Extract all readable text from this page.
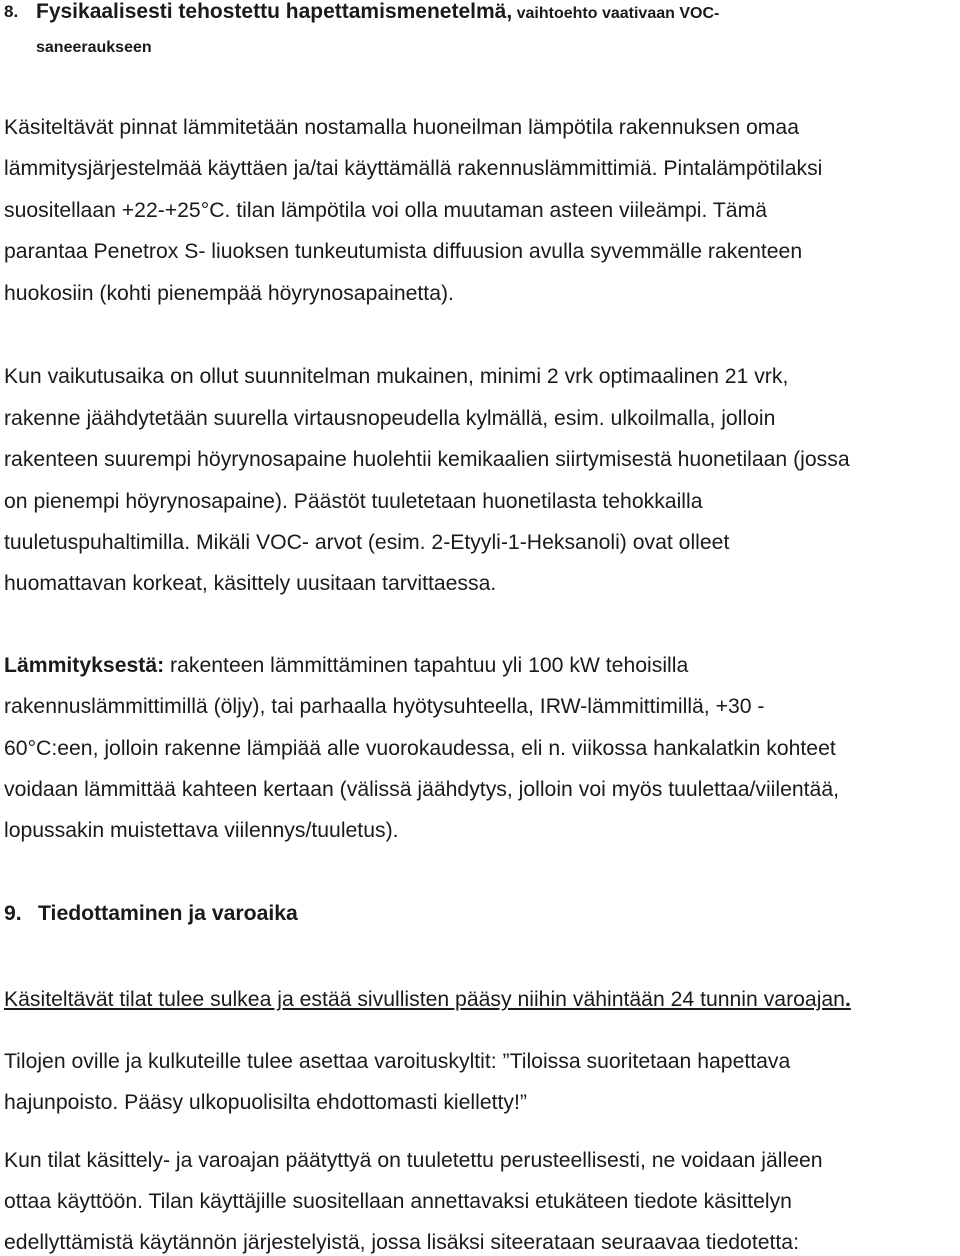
8. Fysikaalisesti tehostettu hapettamismenetelmä, vaihtoehto vaativaan VOC-
saneeraukseen
Käsiteltävät pinnat lämmitetään nostamalla huoneilman lämpötila rakennuksen omaa
lämmitysjärjestelmää käyttäen ja/tai käyttämällä rakennuslämmittimiä. Pintalämpötilaksi
suositellaan +22-+25°C. tilan lämpötila voi olla muutaman asteen viileämpi. Tämä
parantaa Penetrox S- liuoksen tunkeutumista diffuusion avulla syvemmälle rakenteen
huokosiin (kohti pienempää höyrynosapainetta).
Kun vaikutusaika on ollut suunnitelman mukainen, minimi 2 vrk optimaalinen 21 vrk,
rakenne jäähdytetään suurella virtausnopeudella kylmällä, esim. ulkoilmalla, jolloin
rakenteen suurempi höyrynosapaine huolehtii kemikaalien siirtymisestä huonetilaan (jossa
on pienempi höyrynosapaine). Päästöt tuuletetaan huonetilasta tehokkailla
tuuletuspuhaltimilla. Mikäli VOC- arvot (esim. 2-Etyyli-1-Heksanoli) ovat olleet
huomattavan korkeat, käsittely uusitaan tarvittaessa.
Lämmityksestä: rakenteen lämmittäminen tapahtuu yli 100 kW tehoisilla
rakennuslämmittimillä (öljy), tai parhaalla hyötysuhteella, IRW-lämmittimillä, +30 -
60°C:een, jolloin rakenne lämpiää alle vuorokaudessa, eli n. viikossa hankalatkin kohteet
voidaan lämmittää kahteen kertaan (välissä jäähdytys, jolloin voi myös tuulettaa/viilentää,
lopussakin muistettava viilennys/tuuletus).
9. Tiedottaminen ja varoaika
Käsiteltävät tilat tulee sulkea ja estää sivullisten pääsy niihin vähintään 24 tunnin varoajan.
Tilojen oville ja kulkuteille tulee asettaa varoituskyltit: ”Tiloissa suoritetaan hapettava
hajunpoisto. Pääsy ulkopuolisilta ehdottomasti kielletty!”
Kun tilat käsittely- ja varoajan päätyttyä on tuuletettu perusteellisesti, ne voidaan jälleen
ottaa käyttöön. Tilan käyttäjille suositellaan annettavaksi etukäteen tiedote käsittelyn
edellyttämistä käytännön järjestelyistä, jossa lisäksi siteerataan seuraavaa tiedotetta:
